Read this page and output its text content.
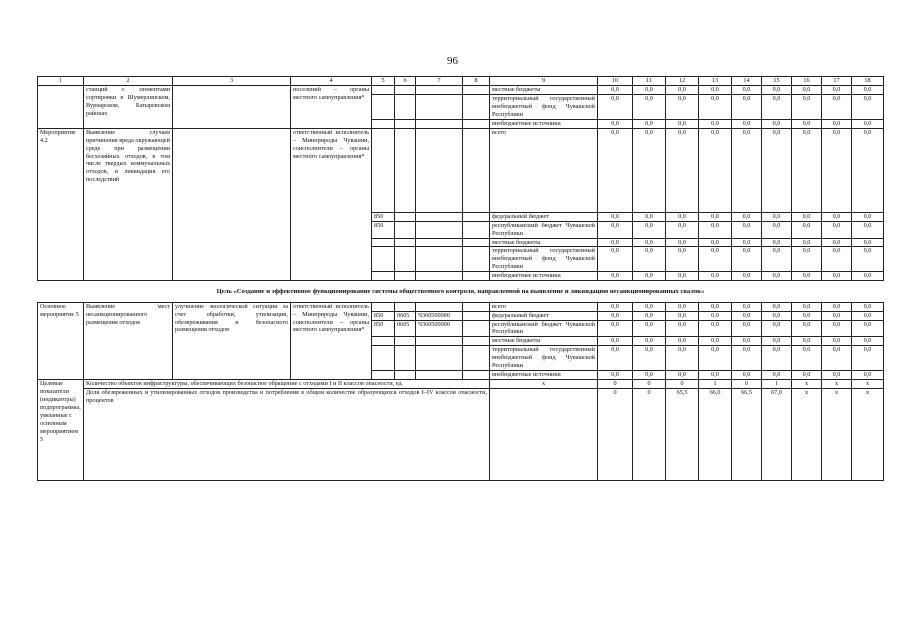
96
1	2	3	4	5	6	7	8	9	10	11	12	13	14	15	16	17	18
	станций с элементами сортировки в Шумерлинском, Вурнарском, Батыревском районах		поселений – органы местного самоуправления*					местные бюджеты	0,0	0,0	0,0	0,0	0,0	0,0	0,0	0,0	0,0
								территориальный государственный внебюджетный фонд Чувашской Республики	0,0	0,0	0,0	0,0	0,0	0,0	0,0	0,0	0,0
								внебюджетные источники	0,0	0,0	0,0	0,0	0,0	0,0	0,0	0,0	0,0
Мероприятие 4.2	Выявление случаев причинения вреда окружающей среде при размещении бесхозяйных отходов, в том числе твердых коммунальных отходов, и ликвидация его последствий		ответственный исполнитель – Минприроды Чувашии, соисполнители – органы местного самоуправления*					всего	0,0	0,0	0,0	0,0	0,0	0,0	0,0	0,0	0,0
				850				федеральный бюджет	0,0	0,0	0,0	0,0	0,0	0,0	0,0	0,0	0,0
				850				республиканский бюджет Чувашской Республики	0,0	0,0	0,0	0,0	0,0	0,0	0,0	0,0	0,0
								местные бюджеты	0,0	0,0	0,0	0,0	0,0	0,0	0,0	0,0	0,0
								территориальный государственный внебюджетный фонд Чувашской Республики	0,0	0,0	0,0	0,0	0,0	0,0	0,0	0,0	0,0
								внебюджетные источники	0,0	0,0	0,0	0,0	0,0	0,0	0,0	0,0	0,0
Цель «Создание и эффективное функционирование системы общественного контроля, направленной на выявление и ликвидацию несанкционированных свалок»																	
Основное мероприятие 5	Выявление мест несанкционированного размещения отходов	улучшение экологической ситуации за счет обработки, утилизации, обезвреживания и безопасного размещения отходов	ответственный исполнитель – Минприроды Чувашии, соисполнители – органы местного самоуправления*					всего	0,0	0,0	0,0	0,0	0,0	0,0	0,0	0,0	0,0
				850	0605	Ч360500000		федеральный бюджет	0,0	0,0	0,0	0,0	0,0	0,0	0,0	0,0	0,0
				850	0605	Ч360500000		республиканский бюджет Чувашской Республики	0,0	0,0	0,0	0,0	0,0	0,0	0,0	0,0	0,0
								местные бюджеты	0,0	0,0	0,0	0,0	0,0	0,0	0,0	0,0	0,0
								территориальный государственный внебюджетный фонд Чувашской Республики	0,0	0,0	0,0	0,0	0,0	0,0	0,0	0,0	0,0
								внебюджетные источники	0,0	0,0	0,0	0,0	0,0	0,0	0,0	0,0	0,0
Целевые показатели (индикаторы) подпрограммы, увязанные с основным мероприятием 5	Количество объектов инфраструктуры, обеспечивающих безопасное обращение с отходами I и II классов опасности, ед.							x	0	0	0	1	0	1	x	x	x
	Доля обезвреженных и утилизированных отходов производства и потребления в общем количестве образующихся отходов I–IV классов опасности, процентов								0	0	65,5	66,0	66,5	67,0	x	x	x
